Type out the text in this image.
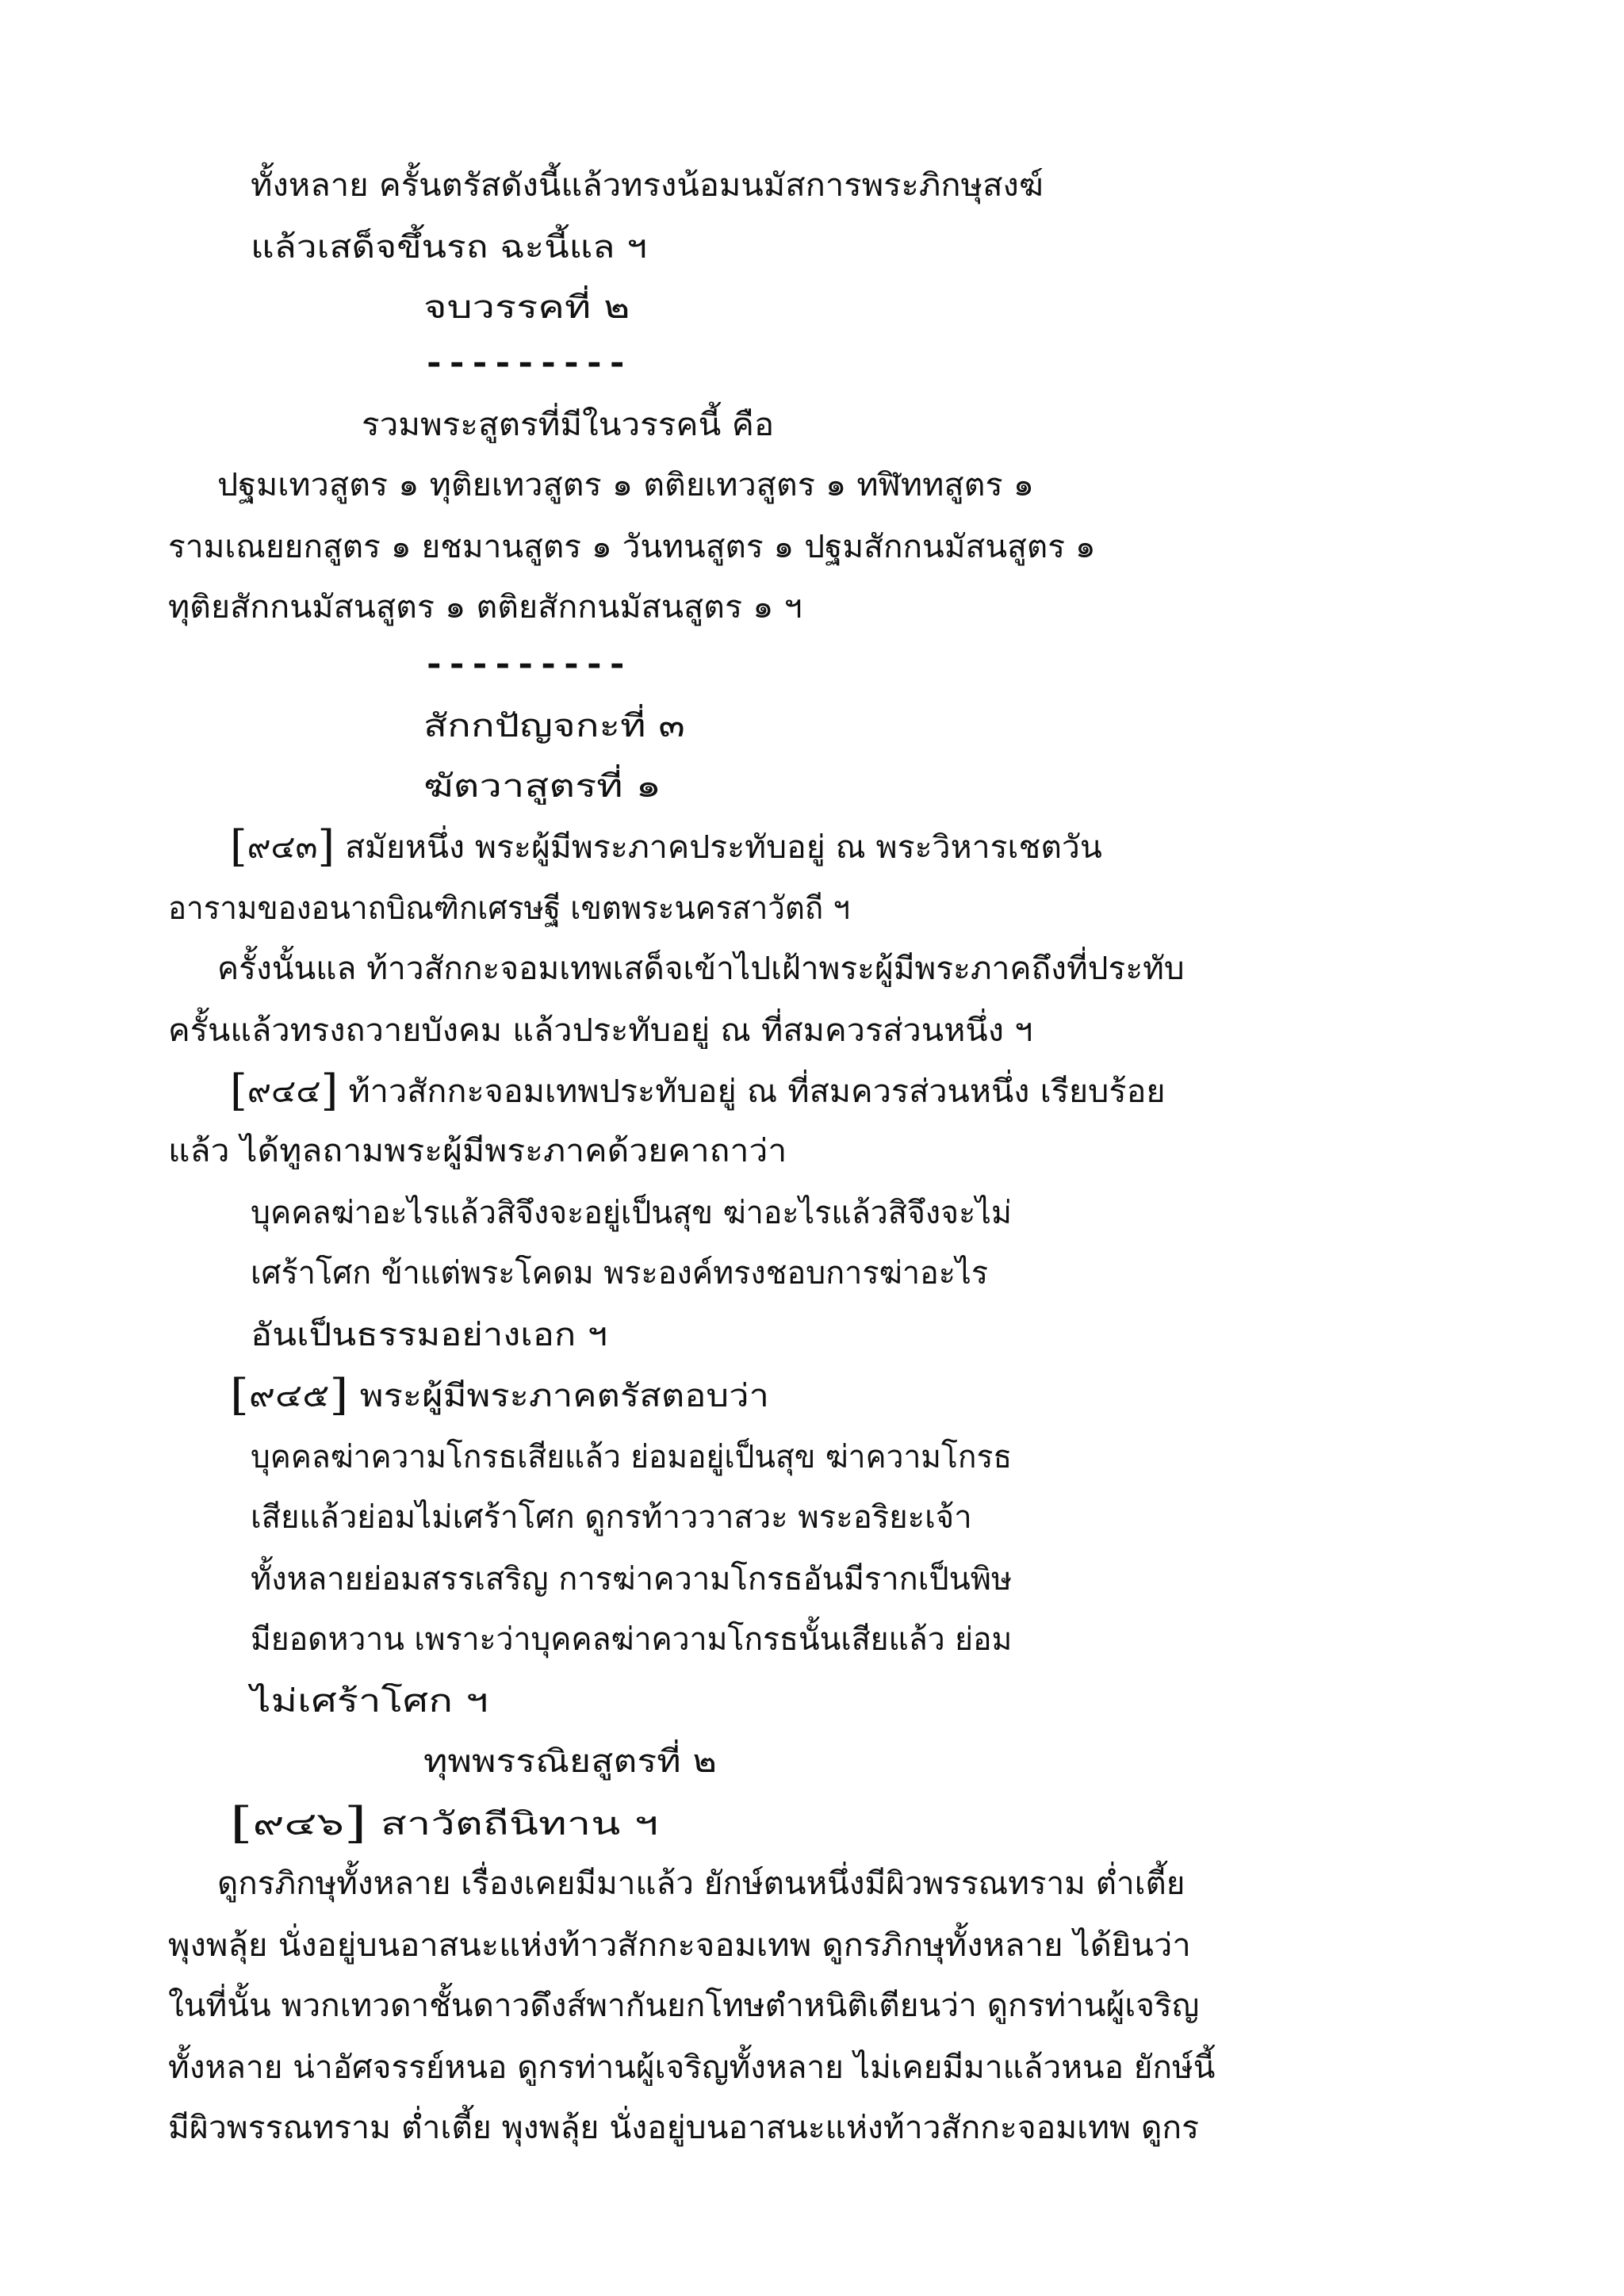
ทั้งหลาย ครั้นตรัสดังนี้แล้วทรงน้อมนมัสการพระภิกษุสงฆ์
แล้วเสด็จขึ้นรถ ฉะนี้แล ฯ
จบวรรคที่ ๒
---------
รวมพระสูตรที่มีในวรรคนี้ คือ
ปฐมเทวสูตร ๑ ทุติยเทวสูตร ๑ ตติยเทวสูตร ๑ ทฬิททสูตร ๑
รามเณยยกสูตร ๑ ยชมานสูตร ๑ วันทนสูตร ๑ ปฐมสักกนมัสนสูตร ๑
ทุติยสักกนมัสนสูตร ๑ ตติยสักกนมัสนสูตร ๑ ฯ
---------
สักกปัญจกะที่ ๓
ฆัตวาสูตรที่ ๑
[๙๔๓] สมัยหนึ่ง พระผู้มีพระภาคประทับอยู่ ณ พระวิหารเชตวัน
อารามของอนาถบิณฑิกเศรษฐี เขตพระนครสาวัตถี ฯ
ครั้งนั้นแล ท้าวสักกะจอมเทพเสด็จเข้าไปเฝ้าพระผู้มีพระภาคถึงที่ประทับ
ครั้นแล้วทรงถวายบังคม แล้วประทับอยู่ ณ ที่สมควรส่วนหนึ่ง ฯ
[๙๔๔] ท้าวสักกะจอมเทพประทับอยู่ ณ ที่สมควรส่วนหนึ่ง เรียบร้อย
แล้ว ได้ทูลถามพระผู้มีพระภาคด้วยคาถาว่า
บุคคลฆ่าอะไรแล้วสิจึงจะอยู่เป็นสุข ฆ่าอะไรแล้วสิจึงจะไม่
เศร้าโศก ข้าแต่พระโคดม พระองค์ทรงชอบการฆ่าอะไร
อันเป็นธรรมอย่างเอก ฯ
[๙๔๕] พระผู้มีพระภาคตรัสตอบว่า
บุคคลฆ่าความโกรธเสียแล้ว ย่อมอยู่เป็นสุข ฆ่าความโกรธ
เสียแล้วย่อมไม่เศร้าโศก ดูกรท้าววาสวะ พระอริยะเจ้า
ทั้งหลายย่อมสรรเสริญ การฆ่าความโกรธอันมีรากเป็นพิษ
มียอดหวาน เพราะว่าบุคคลฆ่าความโกรธนั้นเสียแล้ว ย่อม
ไม่เศร้าโศก ฯ
ทุพพรรณิยสูตรที่ ๒
[๙๔๖] สาวัตถีนิทาน ฯ
ดูกรภิกษุทั้งหลาย เรื่องเคยมีมาแล้ว ยักษ์ตนหนึ่งมีผิวพรรณทราม ต่ำเตี้ย
พุงพลุ้ย นั่งอยู่บนอาสนะแห่งท้าวสักกะจอมเทพ ดูกรภิกษุทั้งหลาย ได้ยินว่า
ในที่นั้น พวกเทวดาชั้นดาวดึงส์พากันยกโทษตำหนิติเตียนว่า ดูกรท่านผู้เจริญ
ทั้งหลาย น่าอัศจรรย์หนอ ดูกรท่านผู้เจริญทั้งหลาย ไม่เคยมีมาแล้วหนอ ยักษ์นี้
มีผิวพรรณทราม ต่ำเตี้ย พุงพลุ้ย นั่งอยู่บนอาสนะแห่งท้าวสักกะจอมเทพ ดูกร
